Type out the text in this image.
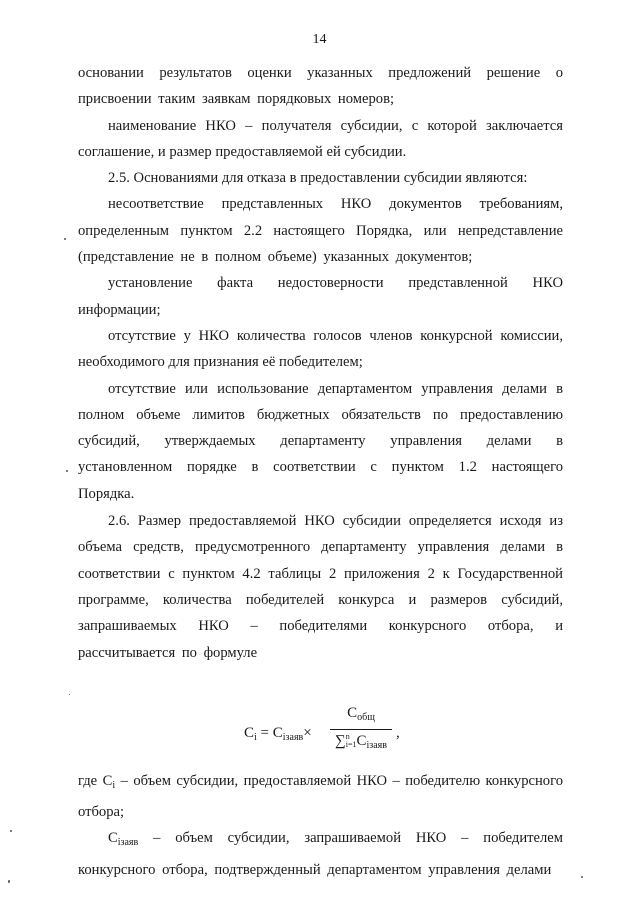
14

основании результатов оценки указанных предложений решение о присвоении таким заявкам порядковых номеров;

наименование НКО – получателя субсидии, с которой заключается соглашение, и размер предоставляемой ей субсидии.

2.5. Основаниями для отказа в предоставлении субсидии являются:

несоответствие представленных НКО документов требованиям, определенным пунктом 2.2 настоящего Порядка, или непредставление (представление не в полном объеме) указанных документов;

установление факта недостоверности представленной НКО информации;

отсутствие у НКО количества голосов членов конкурсной комиссии, необходимого для признания её победителем;

отсутствие или использование департаментом управления делами в полном объеме лимитов бюджетных обязательств по предоставлению субсидий, утверждаемых департаменту управления делами в установленном порядке в соответствии с пунктом 1.2 настоящего Порядка.

2.6. Размер предоставляемой НКО субсидии определяется исходя из объема средств, предусмотренного департаменту управления делами в соответствии с пунктом 4.2 таблицы 2 приложения 2 к Государственной программе, количества победителей конкурса и размеров субсидий, запрашиваемых НКО – победителями конкурсного отбора, и рассчитывается по формуле

$C_i = C_{iзаяв}\times$
$C_{общ}$
∑ n
i=1 $C_{iзаяв}$
,

где $C_i$ – объем субсидии, предоставляемой НКО – победителю конкурсного отбора;

$C_{iзаяв}$ – объем субсидии, запрашиваемой НКО – победителем конкурсного отбора, подтвержденный департаментом управления делами
